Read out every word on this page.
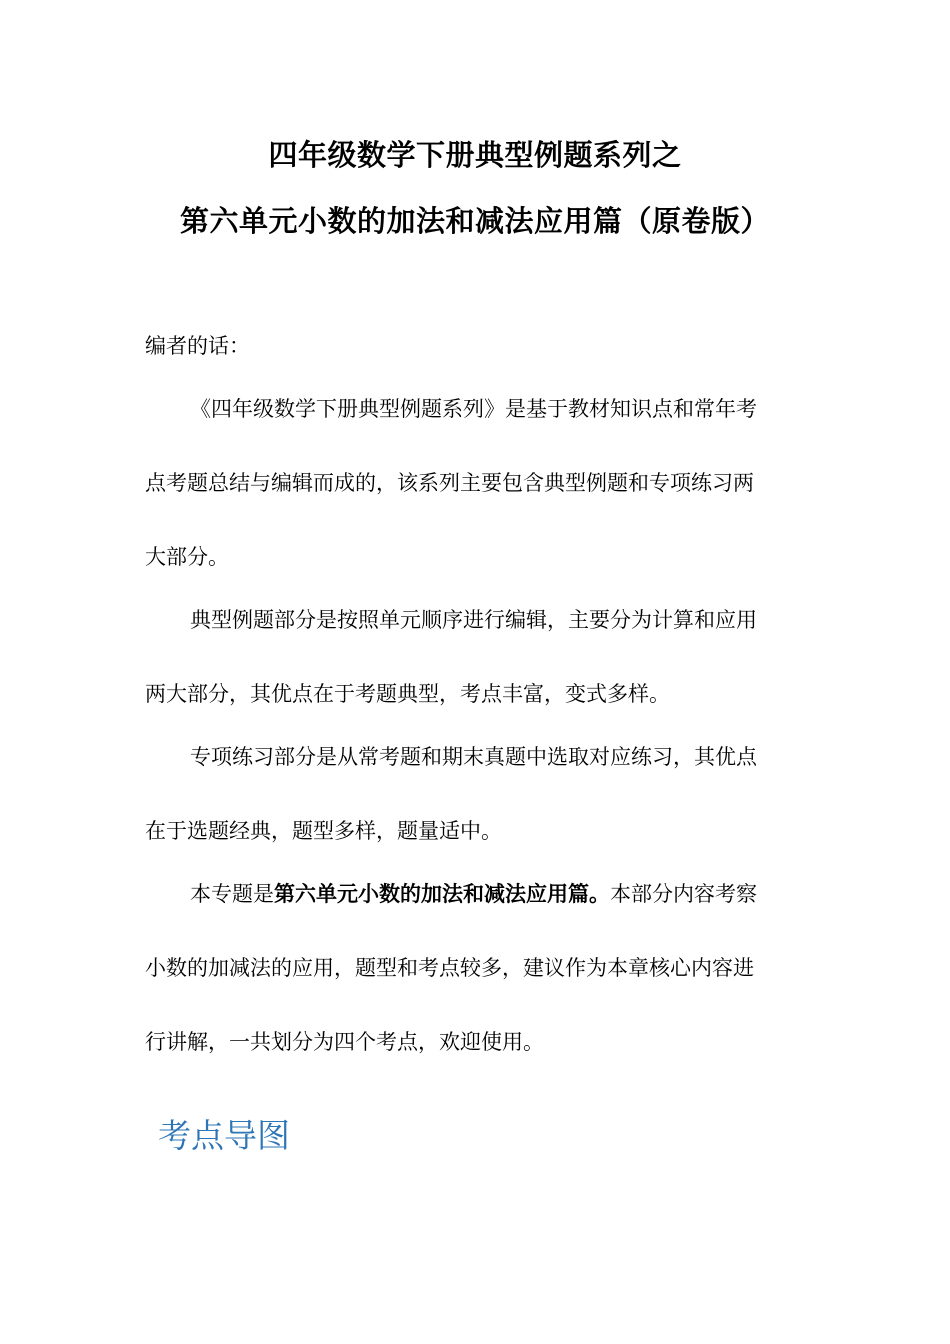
四年级数学下册典型例题系列之
第六单元小数的加法和减法应用篇（原卷版）
编者的话：
《四年级数学下册典型例题系列》是基于教材知识点和常年考
点考题总结与编辑而成的，该系列主要包含典型例题和专项练习两
大部分。
典型例题部分是按照单元顺序进行编辑，主要分为计算和应用
两大部分，其优点在于考题典型，考点丰富，变式多样。
专项练习部分是从常考题和期末真题中选取对应练习，其优点
在于选题经典，题型多样，题量适中。
本专题是第六单元小数的加法和减法应用篇。本部分内容考察
小数的加减法的应用，题型和考点较多，建议作为本章核心内容进
行讲解，一共划分为四个考点，欢迎使用。
考点导图
